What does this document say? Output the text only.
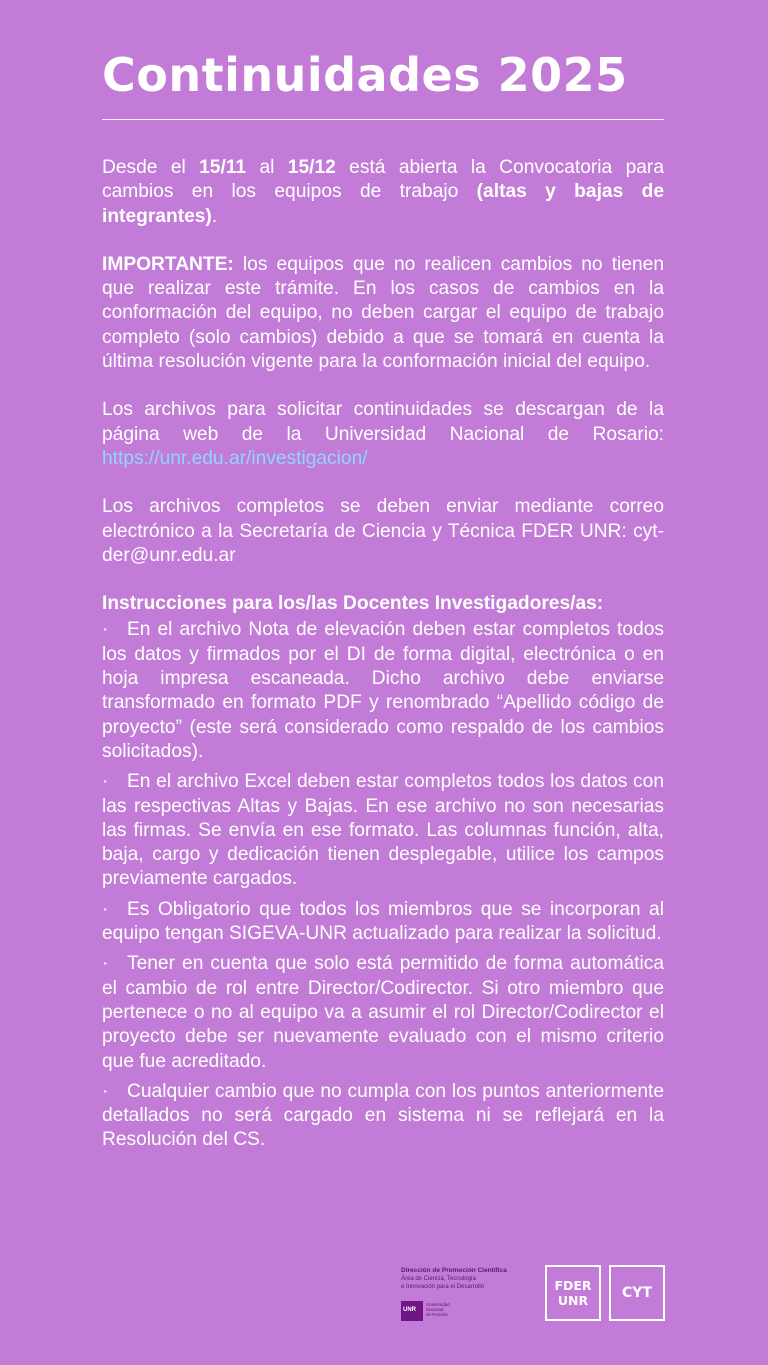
Continuidades 2025

Desde el 15/11 al 15/12 está abierta la Convocatoria para cambios en los equipos de trabajo (altas y bajas de integrantes).

IMPORTANTE: los equipos que no realicen cambios no tienen que realizar este trámite. En los casos de cambios en la conformación del equipo, no deben cargar el equipo de trabajo completo (solo cambios) debido a que se tomará en cuenta la última resolución vigente para la conformación inicial del equipo.

Los archivos para solicitar continuidades se descargan de la página web de la Universidad Nacional de Rosario: https://unr.edu.ar/investigacion/

Los archivos completos se deben enviar mediante correo electrónico a la Secretaría de Ciencia y Técnica FDER UNR: cyt-der@unr.edu.ar

Instrucciones para los/las Docentes Investigadores/as:

· En el archivo Nota de elevación deben estar completos todos los datos y firmados por el DI de forma digital, electrónica o en hoja impresa escaneada. Dicho archivo debe enviarse transformado en formato PDF y renombrado “Apellido código de proyecto” (este será considerado como respaldo de los cambios solicitados).

· En el archivo Excel deben estar completos todos los datos con las respectivas Altas y Bajas. En ese archivo no son necesarias las firmas. Se envía en ese formato. Las columnas función, alta, baja, cargo y dedicación tienen desplegable, utilice los campos previamente cargados.

· Es Obligatorio que todos los miembros que se incorporan al equipo tengan SIGEVA-UNR actualizado para realizar la solicitud.

· Tener en cuenta que solo está permitido de forma automática el cambio de rol entre Director/Codirector. Si otro miembro que pertenece o no al equipo va a asumir el rol Director/Codirector el proyecto debe ser nuevamente evaluado con el mismo criterio que fue acreditado.

· Cualquier cambio que no cumpla con los puntos anteriormente detallados no será cargado en sistema ni se reflejará en la Resolución del CS.

Dirección de Promoción Científica
Área de Ciencia, Tecnología
e Innovación para el Desarrollo
UNR
Universidad
Nacional
de Rosario
FDER
UNR CYT
